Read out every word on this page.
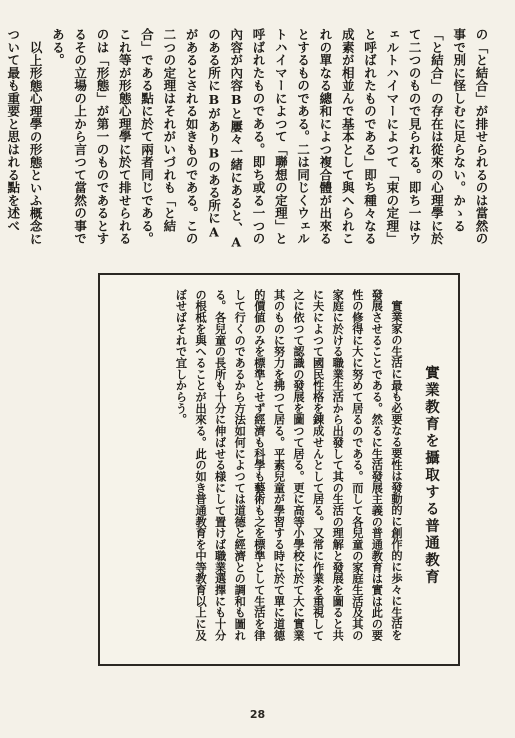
の「と結合」が排せられるのは當然の事で別に怪しむに足らない。かゝる「と結合」の存在は從來の心理學に於て二つのもので見られる。即ち一はウェルトハイマーによつて「束の定理」と呼ばれたものである」即ち種々なる成素が相並んで基本として與へられこれの單なる總和によつ複合體が出來るとするものである。二は同じくウェルトハイマーによつて「聯想の定理」と呼ばれたものである。即ち或る一つの內容が內容Bと屢々一緒にあると、Aのある所にBがありBのある所にAがあるとされる如きものである。この二つの定理はそれがいづれも「と結合」である點に於て兩者同じである。これ等が形態心理學に於て排せられるのは「形態」が第一のものであるとするその立場の上から言つて當然の事である。

以上形態心理學の形態といふ概念について最も重要と思はれる點を述べ

實業教育を攝取する普通教育

實業家の生活に最も必要なる要性は發動的に創作的に歩々に生活を發展させることである。然るに生活發展主義の普通教育は實は此の要性の修得に大に努めて居るのである。而して各兒童の家庭生活及其の家庭に於ける職業生活から出發して其の生活の理解と發展を圖ると共に夫によつて國民性格を錬成せんとして居る。又常に作業を重視して之に依つて認識の發展を圖つて居る。更に高等小學校に於て大に實業其のものに努力を拂つて居る。平素兒童が學習する時に於て單に道德的價値のみを標準とせず經濟も科學も藝術も之を標準として生活を律して行くのであるから方法如何によつては道德と經濟との調和も圖れる。各兒童の長所も十分に伸ばせる様にして置けば職業選擇にも十分の根柢を與へることが出來る。此の如き普通教育を中等教育以上に及ぼせばそれで宜しからう。

28
